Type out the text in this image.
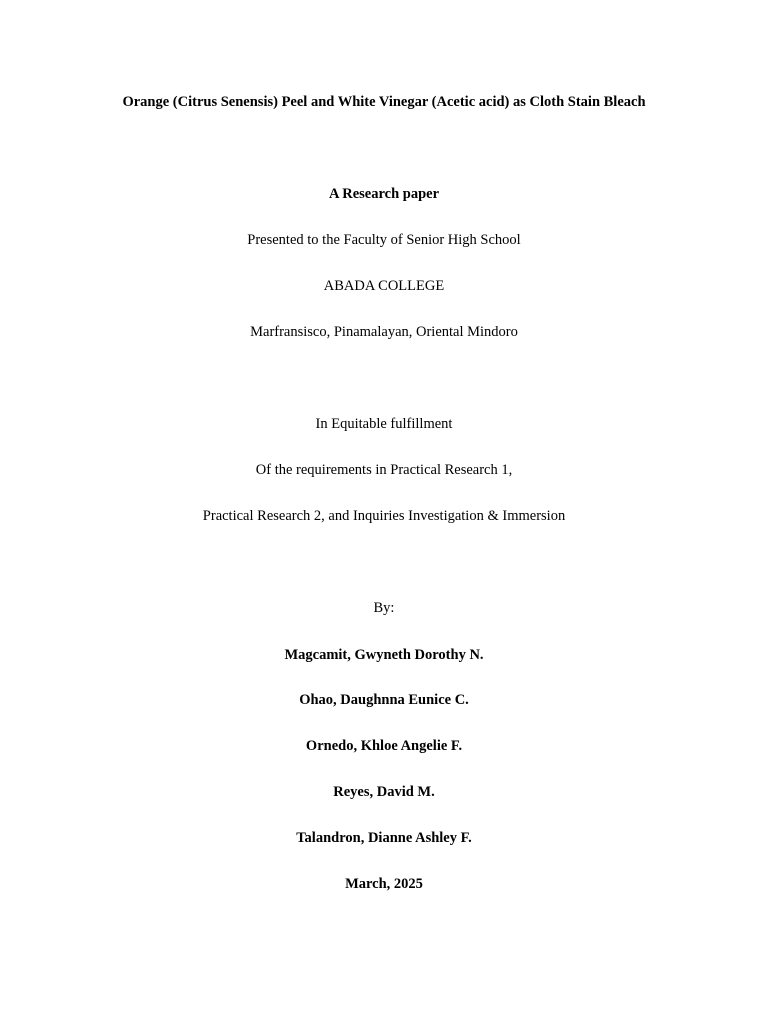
Orange (Citrus Senensis) Peel and White Vinegar (Acetic acid) as Cloth Stain Bleach

A Research paper

Presented to the Faculty of Senior High School

ABADA COLLEGE

Marfransisco, Pinamalayan, Oriental Mindoro

In Equitable fulfillment

Of the requirements in Practical Research 1,

Practical Research 2, and Inquiries Investigation & Immersion

By:

Magcamit, Gwyneth Dorothy N.

Ohao, Daughnna Eunice C.

Ornedo, Khloe Angelie F.

Reyes, David M.

Talandron, Dianne Ashley F.

March, 2025
